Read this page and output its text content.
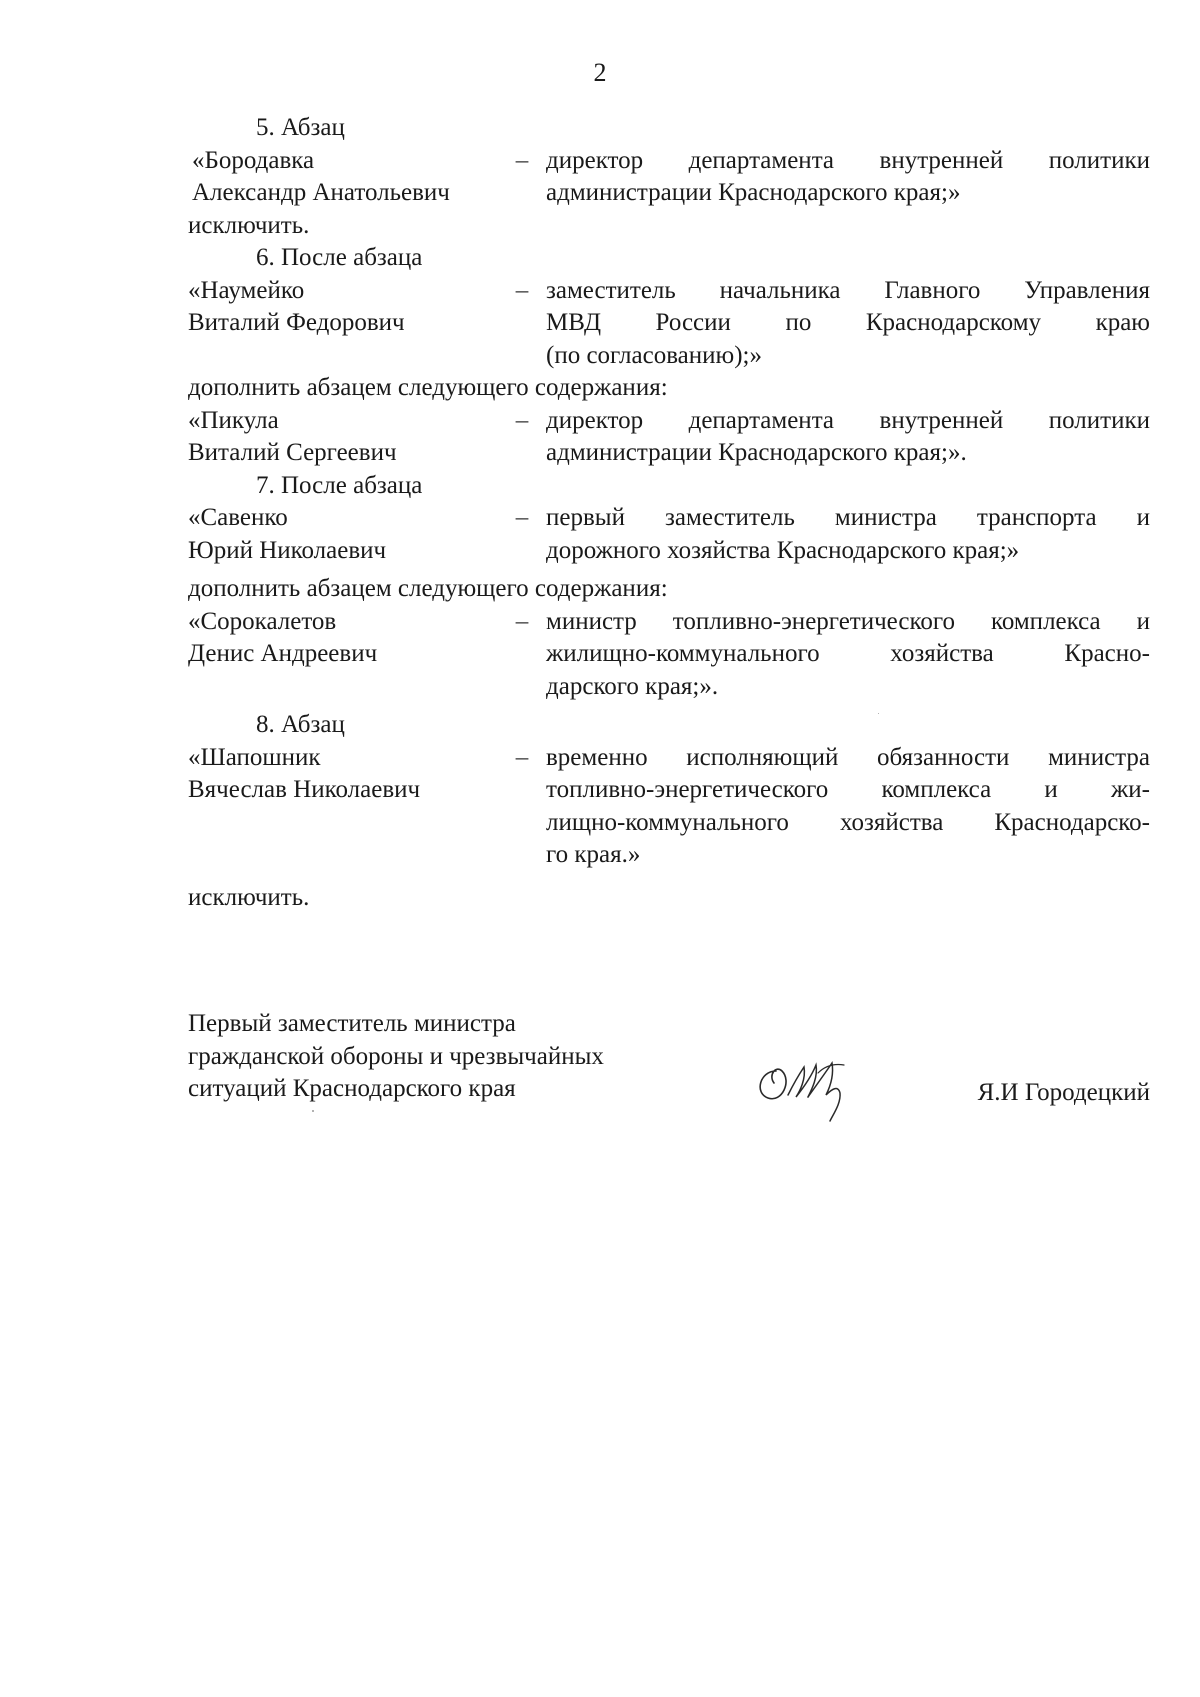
2
5. Абзац
«Бородавка
Александр Анатольевич
– директор департамента внутренней политики
администрации Краснодарского края;»
исключить.
6. После абзаца
«Наумейко
Виталий Федорович
– заместитель начальника Главного Управления
МВД России по Краснодарскому краю
(по согласованию);»
дополнить абзацем следующего содержания:
«Пикула
Виталий Сергеевич
– директор департамента внутренней политики
администрации Краснодарского края;».
7. После абзаца
«Савенко
Юрий Николаевич
– первый заместитель министра транспорта и
дорожного хозяйства Краснодарского края;»
дополнить абзацем следующего содержания:
«Сорокалетов
Денис Андреевич
– министр топливно-энергетического комплекса и
жилищно-коммунального хозяйства Красно-
дарского края;».
8. Абзац
«Шапошник
Вячеслав Николаевич
– временно исполняющий обязанности министра
топливно-энергетического комплекса и жи-
лищно-коммунального хозяйства Краснодарско-
го края.»
исключить.
Первый заместитель министра
гражданской обороны и чрезвычайных
ситуаций Краснодарского края	Я.И Городецкий
